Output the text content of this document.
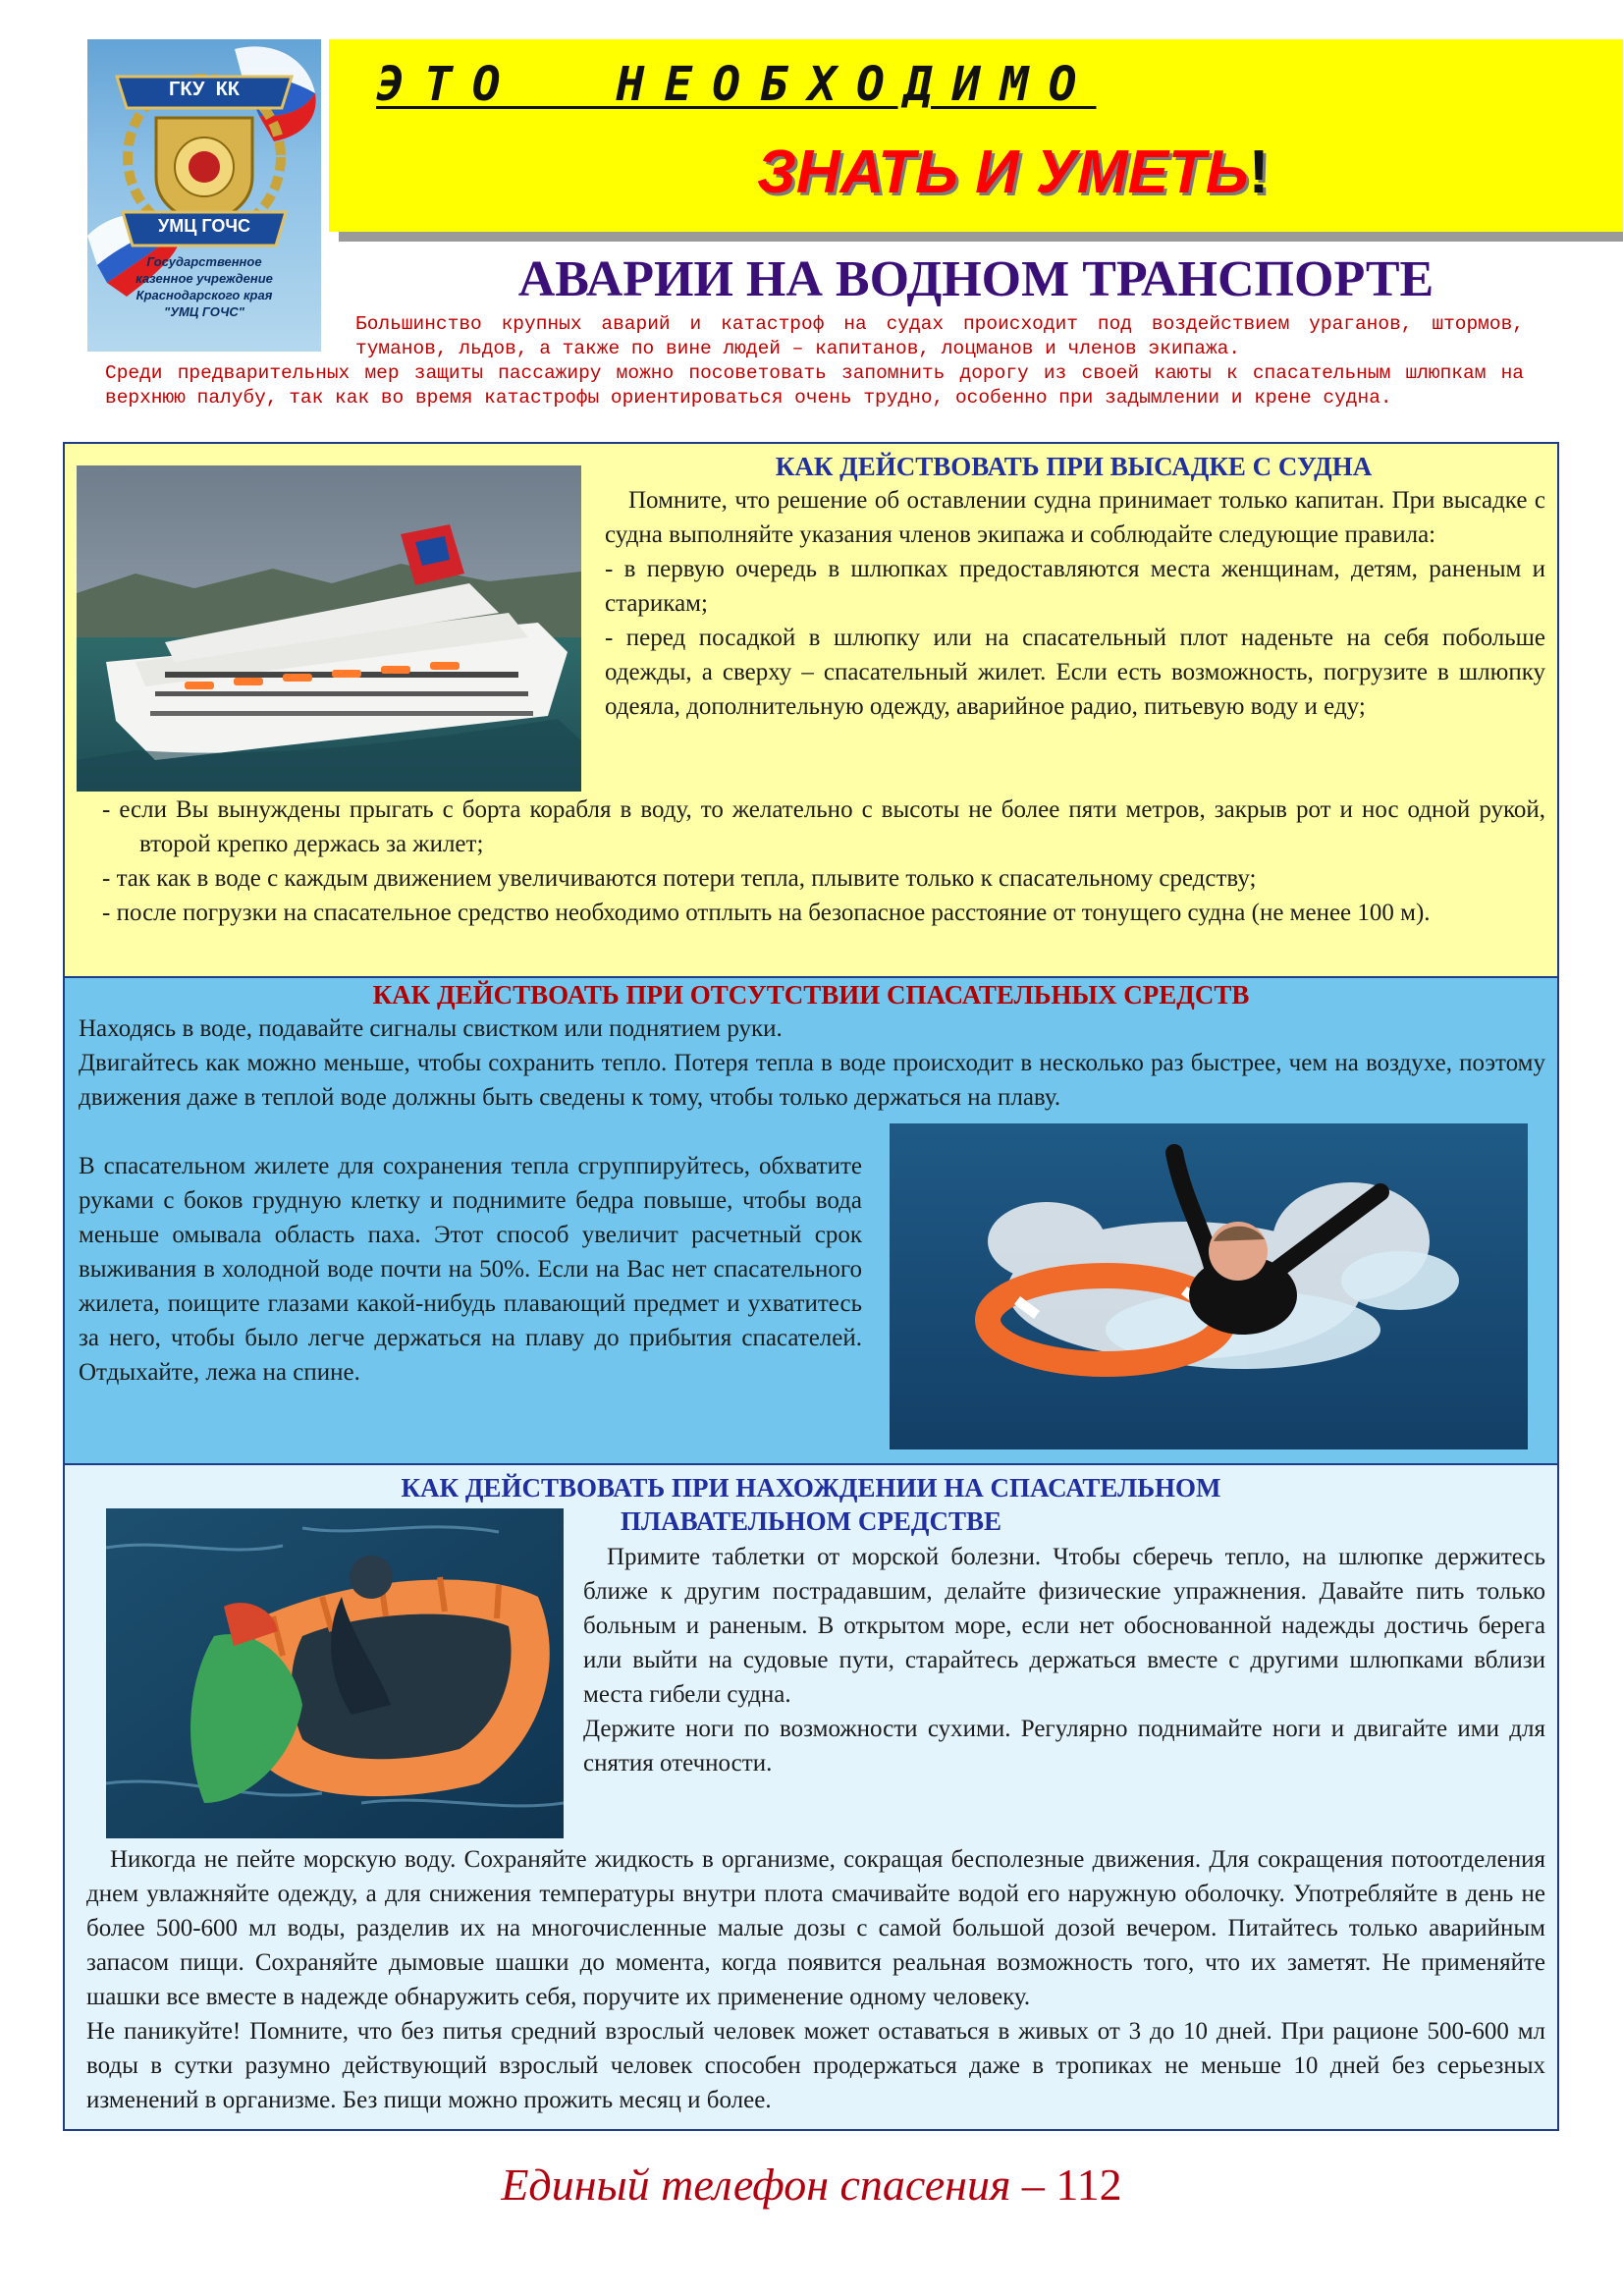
ГКУ  КК
УМЦ ГОЧС
Государственное
казенное учреждение
Краснодарского края
"УМЦ ГОЧС"
ЭТО  НЕОБХОДИМО
ЗНАТЬ И УМЕТЬ!
АВАРИИ НА ВОДНОМ ТРАНСПОРТЕ
Большинство крупных аварий и катастроф на судах происходит под воздействием ураганов, штормов, туманов, льдов, а также по вине людей – капитанов, лоцманов и членов экипажа.
Среди предварительных мер защиты пассажиру можно посоветовать запомнить дорогу из своей каюты к спасательным шлюпкам на верхнюю палубу, так как во время катастрофы ориентироваться очень трудно, особенно при задымлении и крене судна.
КАК ДЕЙСТВОВАТЬ ПРИ ВЫСАДКЕ С СУДНА

Помните, что решение об оставлении судна принимает только капитан. При высадке с судна выполняйте указания членов экипажа и соблюдайте следующие правила:

- в первую очередь в шлюпках предоставляются места женщинам, детям, раненым и старикам;

- перед посадкой в шлюпку или на спасательный плот наденьте на себя побольше одежды, а сверху – спасательный жилет. Если есть возможность, погрузите в шлюпку одеяла, дополнительную одежду, аварийное радио, питьевую воду и еду;

- если Вы вынуждены прыгать с борта корабля в воду, то желательно с высоты не более пяти метров, закрыв рот и нос одной рукой, второй крепко держась за жилет;

- так как в воде с каждым движением увеличиваются потери тепла, плывите только к спасательному средству;

- после погрузки на спасательное средство необходимо отплыть на безопасное расстояние от тонущего судна (не менее 100 м).

КАК ДЕЙСТВОАТЬ ПРИ ОТСУТСТВИИ СПАСАТЕЛЬНЫХ СРЕДСТВ

Находясь в воде, подавайте сигналы свистком или поднятием руки.

Двигайтесь как можно меньше, чтобы сохранить тепло. Потеря тепла в воде происходит в несколько раз быстрее, чем на воздухе, поэтому движения даже в теплой воде должны быть сведены к тому, чтобы только держаться на плаву.

В спасательном жилете для сохранения тепла сгруппируйтесь, обхватите руками с боков грудную клетку и поднимите бедра повыше, чтобы вода меньше омывала область паха. Этот способ увеличит расчетный срок выживания в холодной воде почти на 50%. Если на Вас нет спасательного жилета, поищите глазами какой-нибудь плавающий предмет и ухватитесь за него, чтобы было легче держаться на плаву до прибытия спасателей. Отдыхайте, лежа на спине.
КАК ДЕЙСТВОВАТЬ ПРИ НАХОЖДЕНИИ НА СПАСАТЕЛЬНОМ ПЛАВАТЕЛЬНОМ СРЕДСТВЕ

Примите таблетки от морской болезни. Чтобы сберечь тепло, на шлюпке держитесь ближе к другим пострадавшим, делайте физические упражнения. Давайте пить только больным и раненым. В открытом море, если нет обоснованной надежды достичь берега или выйти на судовые пути, старайтесь держаться вместе с другими шлюпками вблизи места гибели судна.

Держите ноги по возможности сухими. Регулярно поднимайте ноги и двигайте ими для снятия отечности.

Никогда не пейте морскую воду. Сохраняйте жидкость в организме, сокращая бесполезные движения. Для сокращения потоотделения днем увлажняйте одежду, а для снижения температуры внутри плота смачивайте водой его наружную оболочку. Употребляйте в день не более 500-600 мл воды, разделив их на многочисленные малые дозы с самой большой дозой вечером. Питайтесь только аварийным запасом пищи. Сохраняйте дымовые шашки до момента, когда появится реальная возможность того, что их заметят. Не применяйте шашки все вместе в надежде обнаружить себя, поручите их применение одному человеку.

Не паникуйте! Помните, что без питья средний взрослый человек может оставаться в живых от 3 до 10 дней. При рационе 500-600 мл воды в сутки разумно действующий взрослый человек способен продержаться даже в тропиках не меньше 10 дней без серьезных изменений в организме. Без пищи можно прожить месяц и более.

Единый телефон спасения – 112
